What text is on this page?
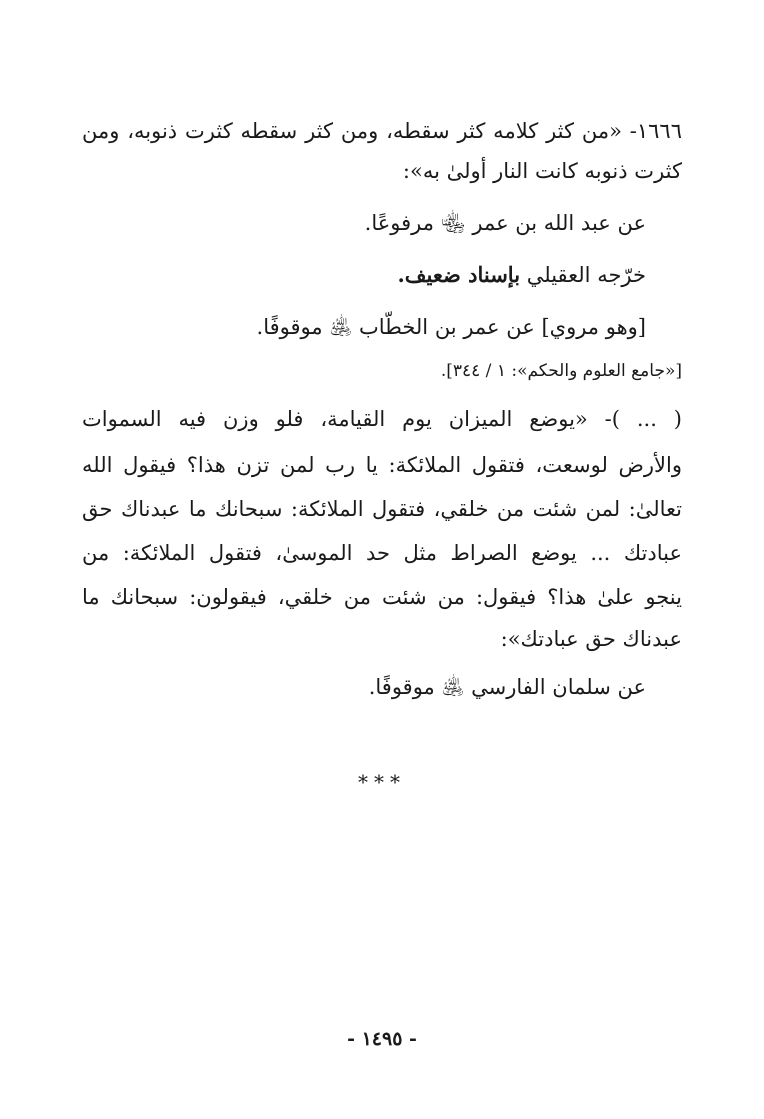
١٦٦٦- «من كثر كلامه كثر سقطه، ومن كثر سقطه كثرت ذنوبه، ومن
كثرت ذنوبه كانت النار أولىٰ به»:
عن عبد الله بن عمر ﵄ مرفوعًا.
خرّجه العقيلي بإسناد ضعيف.
[وهو مروي] عن عمر بن الخطّاب ﵁ موقوفًا.
[«جامع العلوم والحكم»: ١ / ٣٤٤].
( ... )- «يوضع الميزان يوم القيامة، فلو وزن فيه السموات
والأرض لوسعت، فتقول الملائكة: يا رب لمن تزن هذا؟ فيقول الله
تعالىٰ: لمن شئت من خلقي، فتقول الملائكة: سبحانك ما عبدناك حق
عبادتك ... يوضع الصراط مثل حد الموسىٰ، فتقول الملائكة: من
ينجو علىٰ هذا؟ فيقول: من شئت من خلقي، فيقولون: سبحانك ما
عبدناك حق عبادتك»:
عن سلمان الفارسي ﵁ موقوفًا.
***
- ١٤٩٥ -
